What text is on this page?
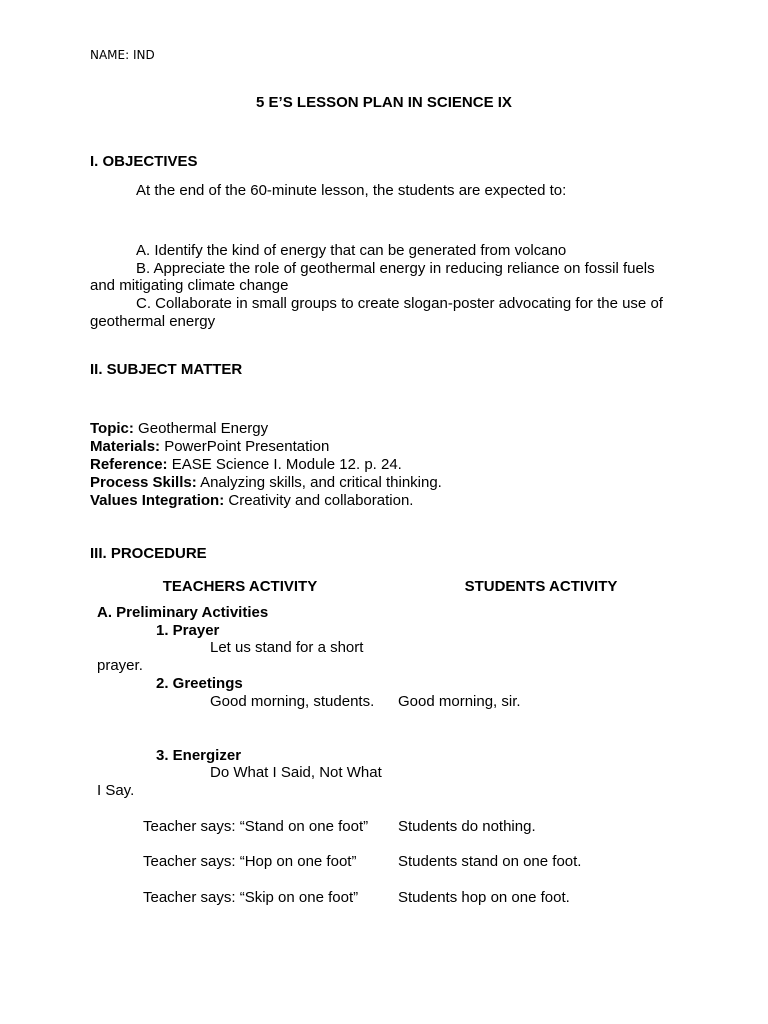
NAME: IND
5 E’S LESSON PLAN IN SCIENCE IX
I. OBJECTIVES
At the end of the 60-minute lesson, the students are expected to:
A. Identify the kind of energy that can be generated from volcano
B. Appreciate the role of geothermal energy in reducing reliance on fossil fuels
and mitigating climate change
C. Collaborate in small groups to create slogan-poster advocating for the use of
geothermal energy
II. SUBJECT MATTER
Topic: Geothermal Energy
Materials: PowerPoint Presentation
Reference: EASE Science I. Module 12. p. 24.
Process Skills: Analyzing skills, and critical thinking.
Values Integration: Creativity and collaboration.
III. PROCEDURE
TEACHERS ACTIVITY	STUDENTS ACTIVITY
A. Preliminary Activities
1. Prayer
Let us stand for a short
prayer.
2. Greetings
Good morning, students. Good morning, sir.
3. Energizer
Do What I Said, Not What
I Say.
Teacher says: “Stand on one foot” Students do nothing.
Teacher says: “Hop on one foot”	Students stand on one foot.
Teacher says: “Skip on one foot”	Students hop on one foot.
